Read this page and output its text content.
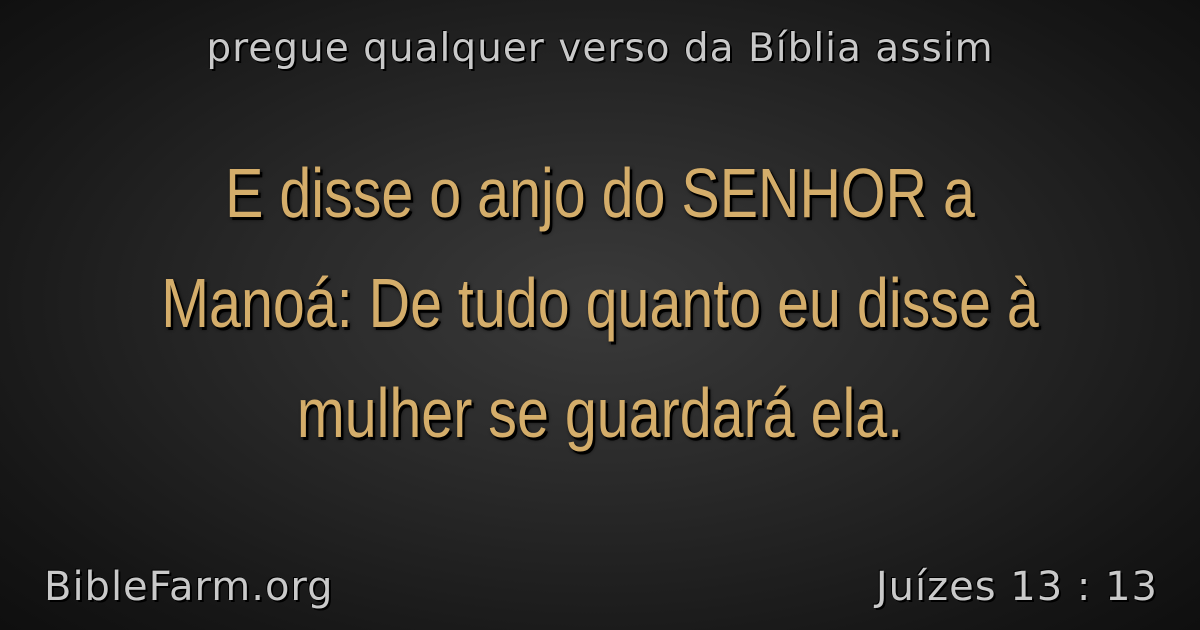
pregue qualquer verso da Bíblia assim
E disse o anjo do SENHOR a Manoá: De tudo quanto eu disse à mulher se guardará ela.
BibleFarm.org	Juízes 13 : 13
